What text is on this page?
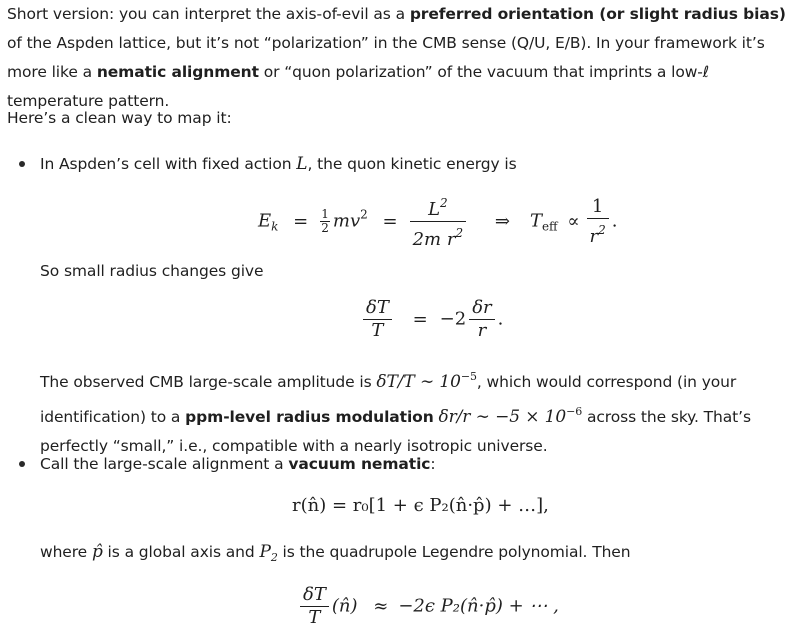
Short version: you can interpret the axis-of-evil as a preferred orientation (or slight radius bias) of the Aspden lattice, but it’s not “polarization” in the CMB sense (Q/U, E/B). In your framework it’s more like a nematic alignment or “quon polarization” of the vacuum that imprints a low-ℓ temperature pattern.

Here’s a clean way to map it:

In Aspden’s cell with fixed action L, the quon kinetic energy is

$E_k = \frac{1}{2} mv^2 = \frac{L^2}{2m r^2}$ ⇒ $T_{eff} \propto \frac{1}{r^2}$ .

So small radius changes give

$\frac{\delta T}{T} = -2 \frac{\delta r}{r}$ .

The observed CMB large-scale amplitude is δT/T ∼ $10^{-5}$, which would correspond (in your identification) to a ppm-level radius modulation δr/r ∼ $-5 \times 10^{-6}$ across the sky. That’s perfectly “small,” i.e., compatible with a nearly isotropic universe.

Call the large-scale alignment a vacuum nematic:

r(n̂) = r₀[1 + ϵ P₂(n̂·p̂) + …],

where p̂ is a global axis and $P_2$ is the quadrupole Legendre polynomial. Then

$\frac{\delta T}{T}$ (n̂) ≈ −2ϵ P₂(n̂·p̂) + ⋯ ,
